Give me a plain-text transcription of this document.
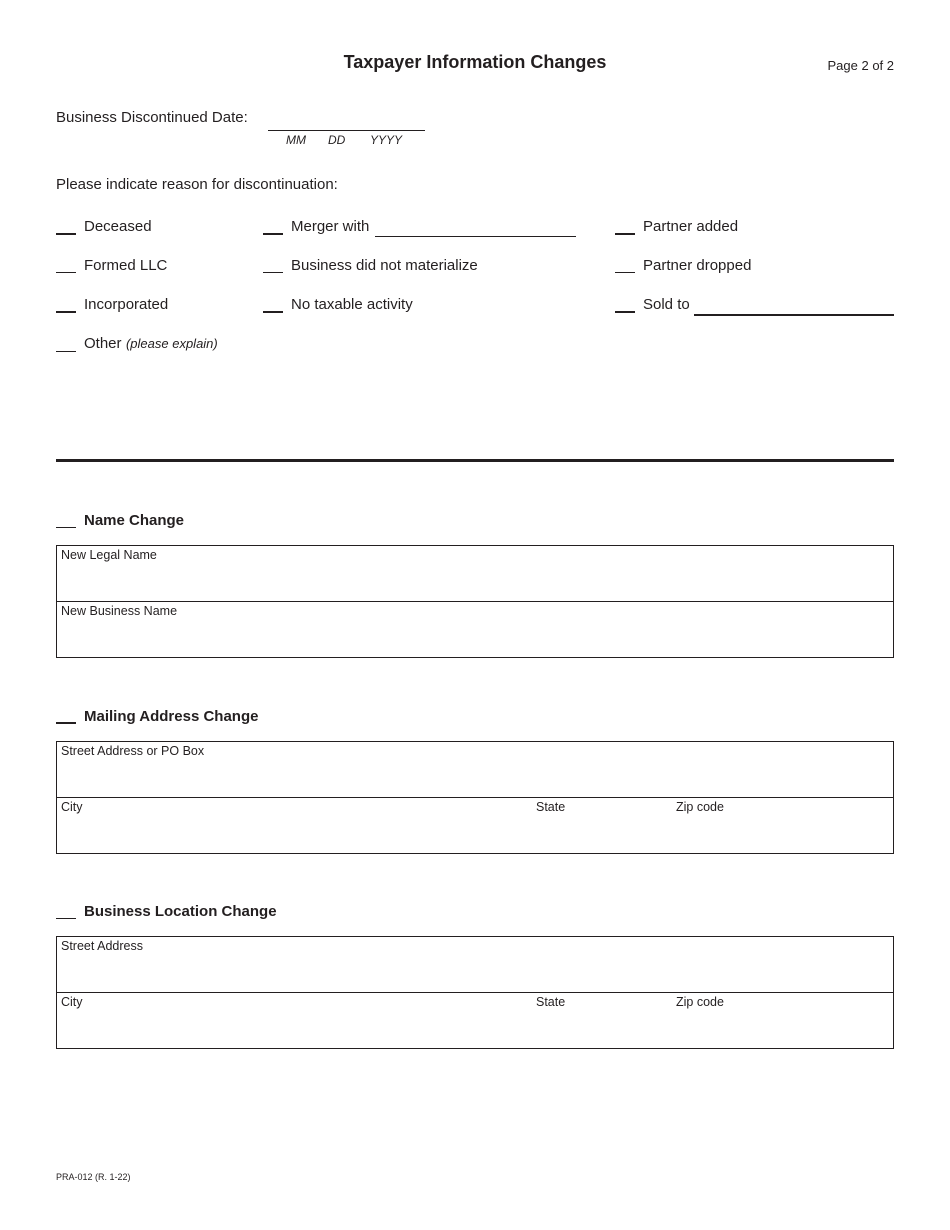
Taxpayer Information Changes	Page 2 of 2
Business Discontinued Date:
MM DD YYYY
Please indicate reason for discontinuation:
Deceased	Merger with	Partner added
Formed LLC	Business did not materialize	Partner dropped
Incorporated	No taxable activity	Sold to
Other (please explain)
Name Change
New Legal Name
New Business Name
Mailing Address Change
Street Address or PO Box
City	State	Zip code
Business Location Change
Street Address
City	State	Zip code
PRA-012 (R. 1-22)
